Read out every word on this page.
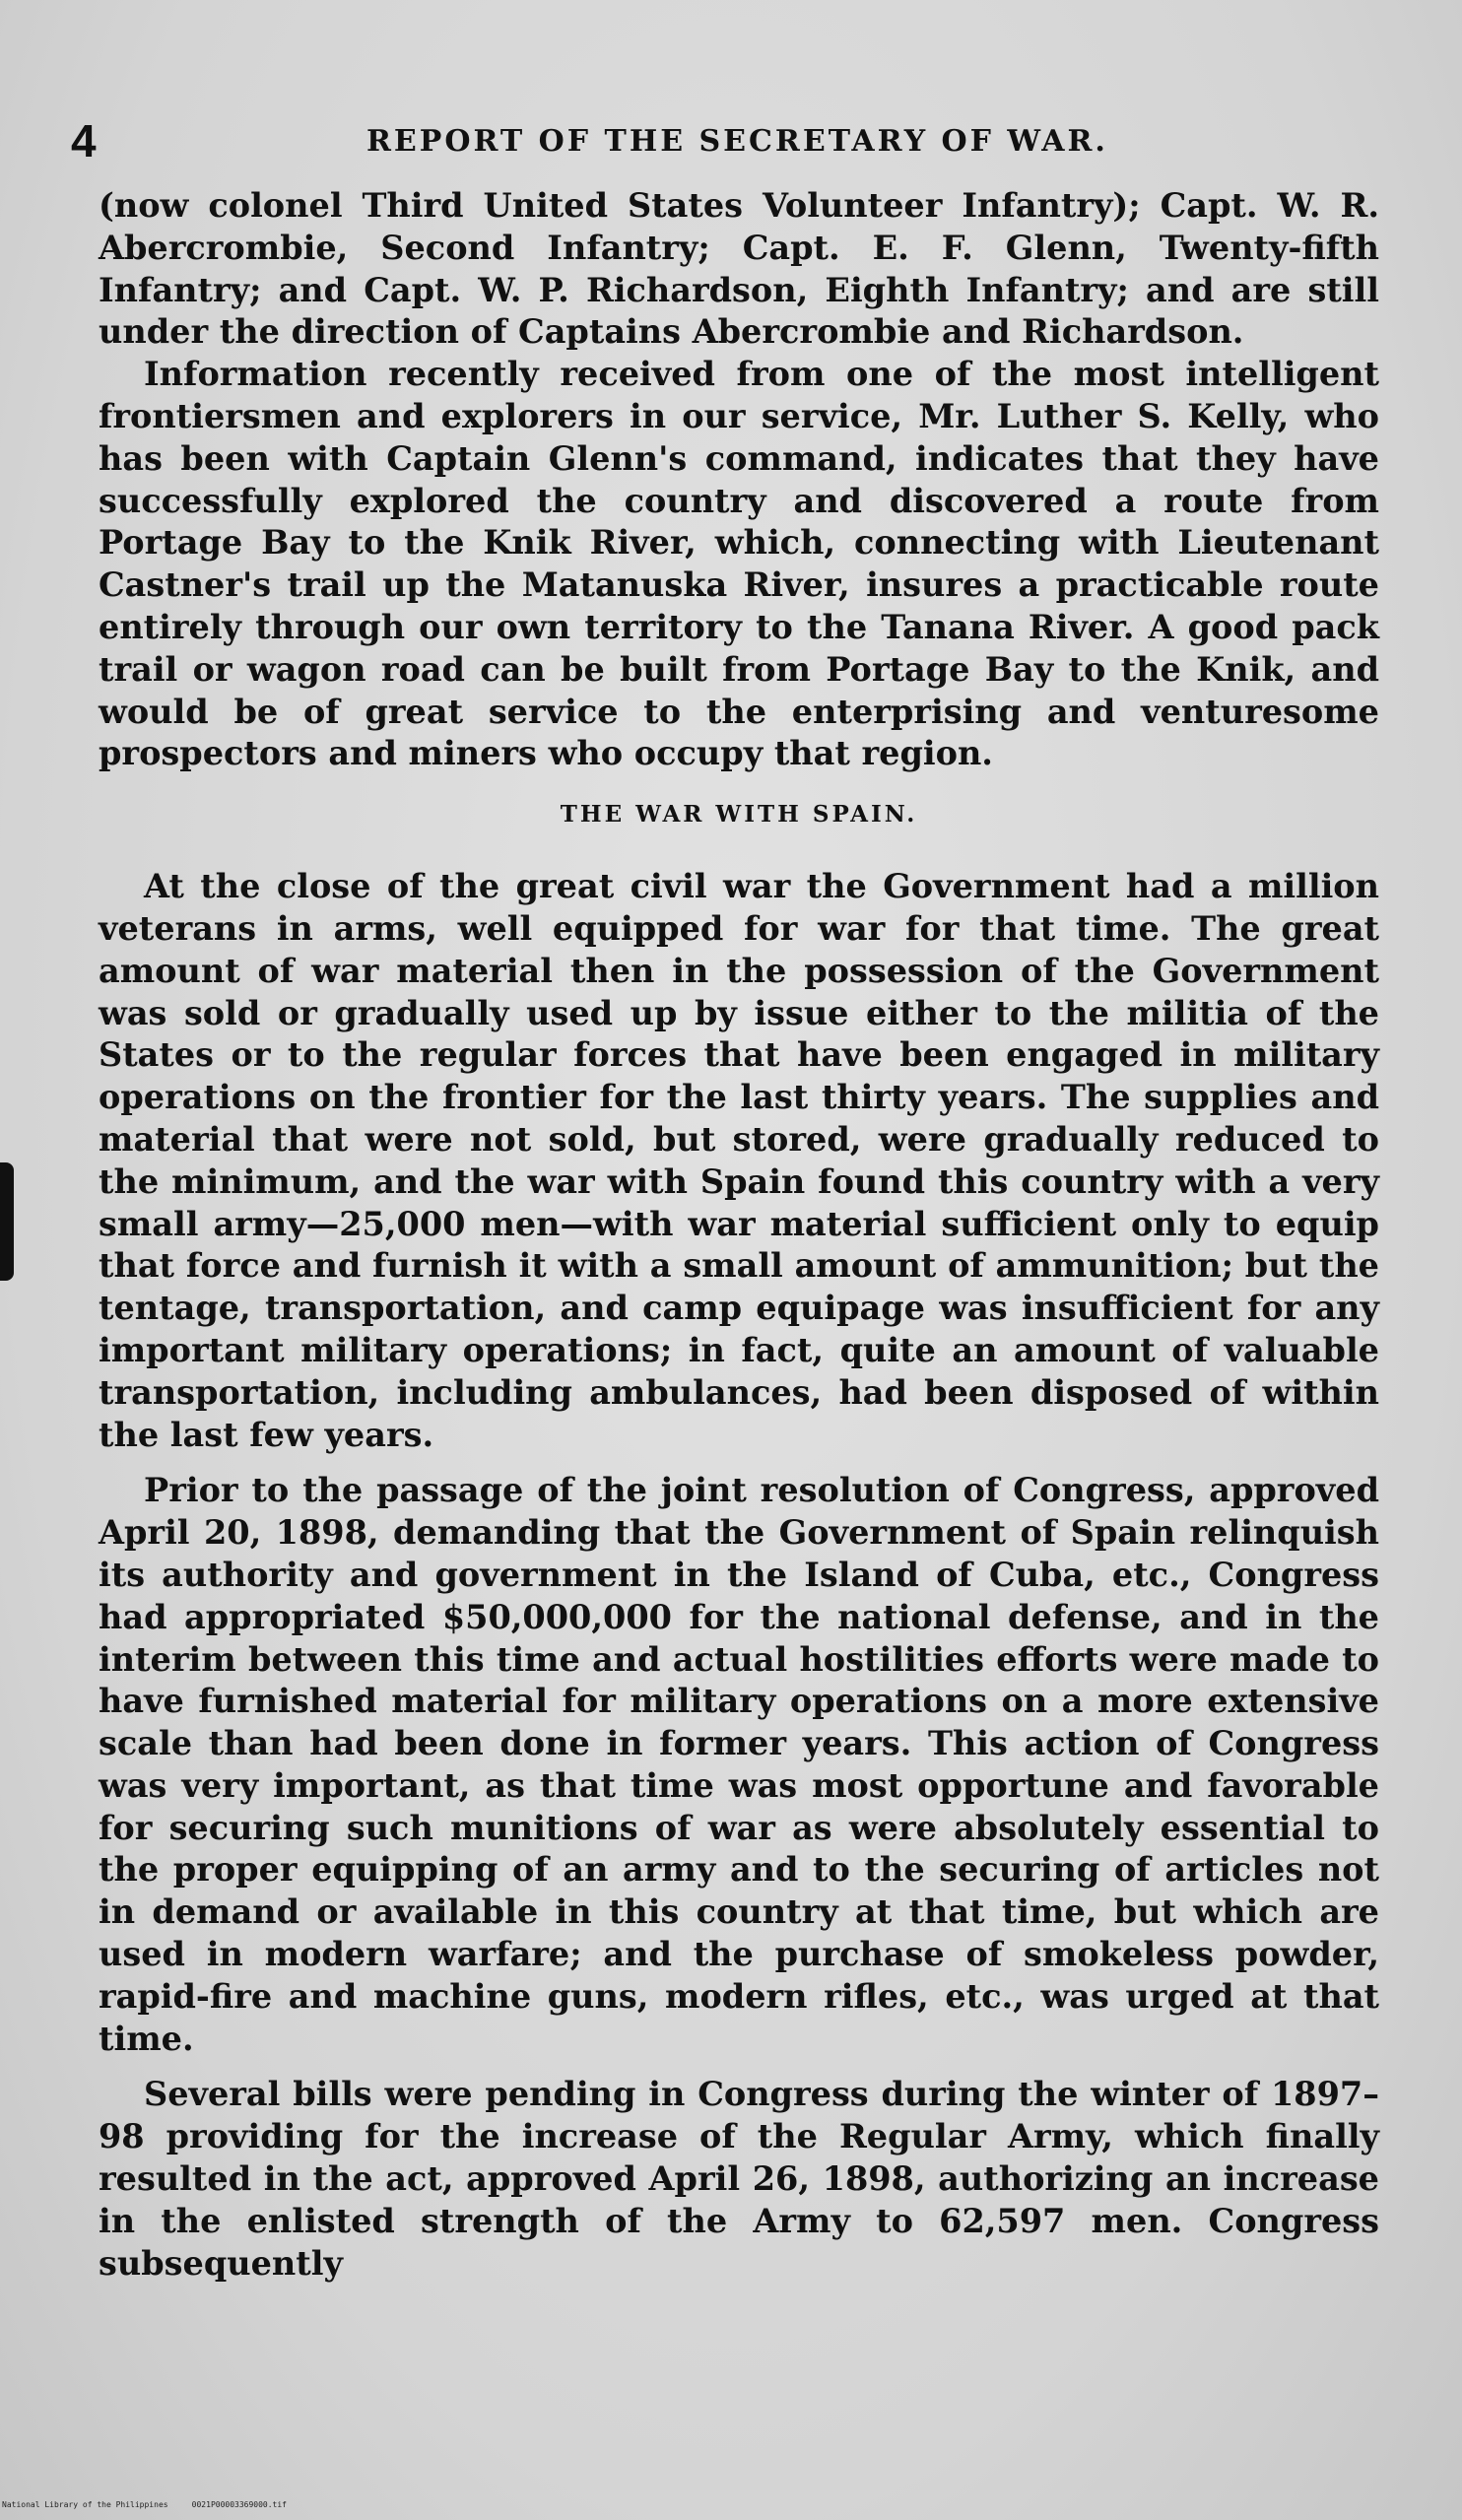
4	REPORT OF THE SECRETARY OF WAR.

(now colonel Third United States Volunteer Infantry); Capt. W. R. Abercrombie, Second Infantry; Capt. E. F. Glenn, Twenty-fifth Infantry; and Capt. W. P. Richardson, Eighth Infantry; and are still under the direction of Captains Abercrombie and Richardson.

Information recently received from one of the most intelligent frontiersmen and explorers in our service, Mr. Luther S. Kelly, who has been with Captain Glenn's command, indicates that they have successfully explored the country and discovered a route from Portage Bay to the Knik River, which, connecting with Lieutenant Castner's trail up the Matanuska River, insures a practicable route entirely through our own territory to the Tanana River. A good pack trail or wagon road can be built from Portage Bay to the Knik, and would be of great service to the enterprising and venturesome prospectors and miners who occupy that region.

THE WAR WITH SPAIN.

At the close of the great civil war the Government had a million veterans in arms, well equipped for war for that time. The great amount of war material then in the possession of the Government was sold or gradually used up by issue either to the militia of the States or to the regular forces that have been engaged in military operations on the frontier for the last thirty years. The supplies and material that were not sold, but stored, were gradually reduced to the minimum, and the war with Spain found this country with a very small army—25,000 men—with war material sufficient only to equip that force and furnish it with a small amount of ammunition; but the tentage, transportation, and camp equipage was insufficient for any important military operations; in fact, quite an amount of valuable transportation, including ambulances, had been disposed of within the last few years.

Prior to the passage of the joint resolution of Congress, approved April 20, 1898, demanding that the Government of Spain relinquish its authority and government in the Island of Cuba, etc., Congress had appropriated $50,000,000 for the national defense, and in the interim between this time and actual hostilities efforts were made to have furnished material for military operations on a more extensive scale than had been done in former years. This action of Congress was very important, as that time was most opportune and favorable for securing such munitions of war as were absolutely essential to the proper equipping of an army and to the securing of articles not in demand or available in this country at that time, but which are used in modern warfare; and the purchase of smokeless powder, rapid-fire and machine guns, modern rifles, etc., was urged at that time.

Several bills were pending in Congress during the winter of 1897–98 providing for the increase of the Regular Army, which finally resulted in the act, approved April 26, 1898, authorizing an increase in the enlisted strength of the Army to 62,597 men. Congress subsequently

National Library of the Philippines	0021P00003369000.tif
